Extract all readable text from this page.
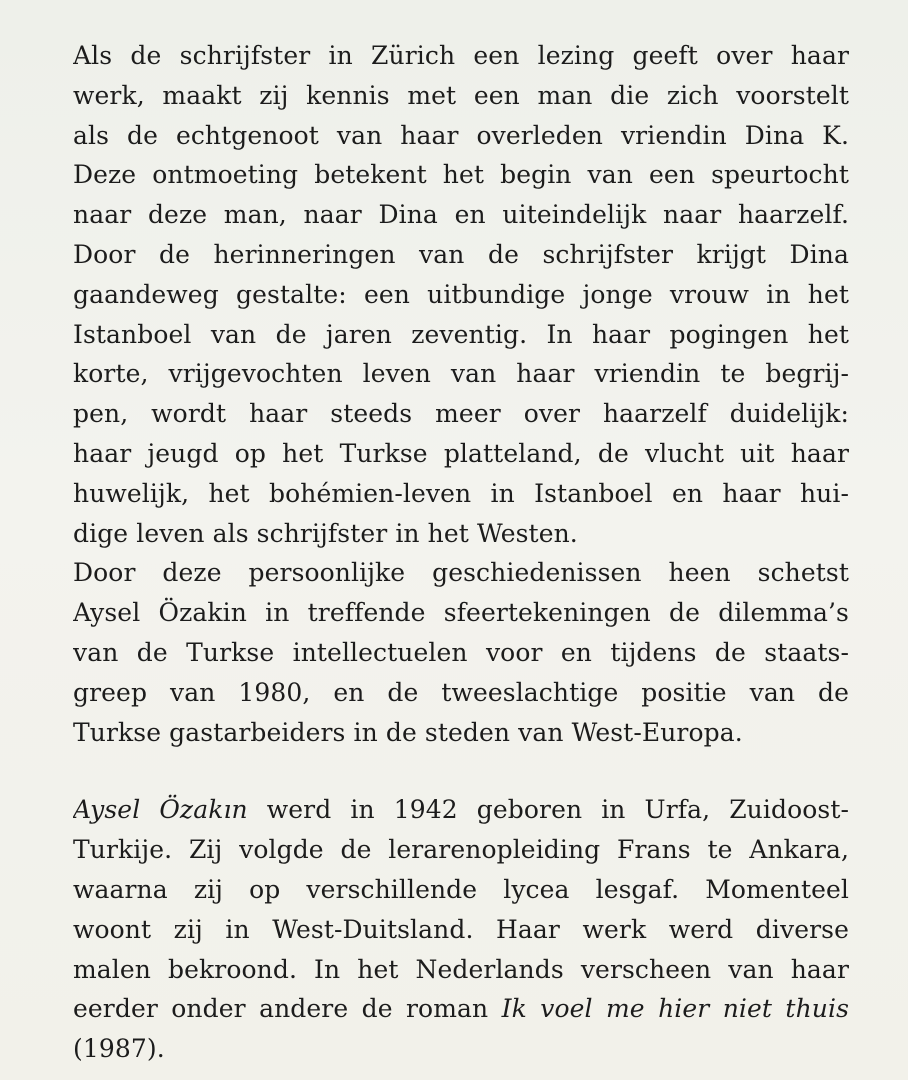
Als de schrijfster in Zürich een lezing geeft over haar
werk, maakt zij kennis met een man die zich voorstelt
als de echtgenoot van haar overleden vriendin Dina K.
Deze ontmoeting betekent het begin van een speurtocht
naar deze man, naar Dina en uiteindelijk naar haarzelf.
Door de herinneringen van de schrijfster krijgt Dina
gaandeweg gestalte: een uitbundige jonge vrouw in het
Istanboel van de jaren zeventig. In haar pogingen het
korte, vrijgevochten leven van haar vriendin te begrij-
pen, wordt haar steeds meer over haarzelf duidelijk:
haar jeugd op het Turkse platteland, de vlucht uit haar
huwelijk, het bohémien-leven in Istanboel en haar hui-
dige leven als schrijfster in het Westen.
Door deze persoonlijke geschiedenissen heen schetst
Aysel Özakin in treffende sfeertekeningen de dilemma’s
van de Turkse intellectuelen voor en tijdens de staats-
greep van 1980, en de tweeslachtige positie van de
Turkse gastarbeiders in de steden van West-Europa.
Aysel Özakın werd in 1942 geboren in Urfa, Zuidoost-
Turkije. Zij volgde de lerarenopleiding Frans te Ankara,
waarna zij op verschillende lycea lesgaf. Momenteel
woont zij in West-Duitsland. Haar werk werd diverse
malen bekroond. In het Nederlands verscheen van haar
eerder onder andere de roman Ik voel me hier niet thuis
(1987).
